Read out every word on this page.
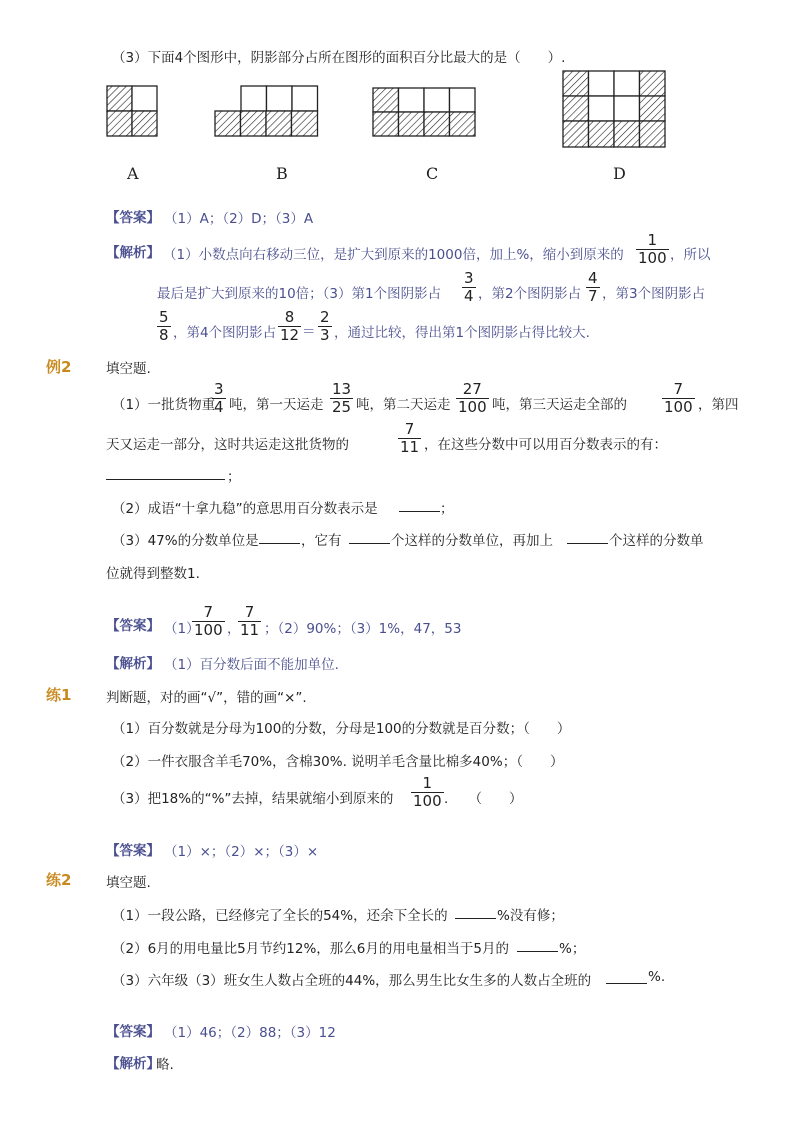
（3）下面4个图形中，阴影部分占所在图形的面积百分比最大的是（　　）.
A	B	C	D
【答案】 （1）A；（2）D；（3）A
【解析】 （1）小数点向右移动三位，是扩大到原来的1000倍，加上%，缩小到原来的 $\frac{1}{100}$ ，所以
最后是扩大到原来的10倍；（3）第1个图阴影占 $\frac{3}{4}$ ，第2个图阴影占 $\frac{4}{7}$ ，第3个图阴影占
$\frac{5}{8}$ ，第4个图阴影占 $\frac{8}{12} = \frac{2}{3}$ ，通过比较，得出第1个图阴影占得比较大.
例2	填空题.
（1）一批货物重
$\frac{3}{4}$ 吨，第一天运走 $\frac{13}{25}$ 吨，第二天运走 $\frac{27}{100}$ 吨，第三天运走全部的 $\frac{7}{100}$ ，第四
天又运走一部分，这时共运走这批货物的	$\frac{7}{11}$ ，在这些分数中可以用百分数表示的有：
；
（2）成语“十拿九稳”的意思用百分数表示是	；
（3）47%的分数单位是	，它有	个这样的分数单位，再加上	个这样的分数单
位就得到整数1.
【答案】 （1）
$\frac{7}{100}$ ，
$\frac{7}{11}$ ；（2）90%；（3）1%，47，53
【解析】 （1）百分数后面不能加单位.
练1	判断题，对的画“√”，错的画“×”.
（1）百分数就是分母为100的分数，分母是100的分数就是百分数；（　　）
（2）一件衣服含羊毛70%，含棉30%. 说明羊毛含量比棉多40%；（　　）
（3）把18%的“%”去掉，结果就缩小到原来的 $\frac{1}{100}$ .　　（　　）
【答案】 （1）×；（2）×；（3）×
练2	填空题.
（1）一段公路，已经修完了全长的54%，还余下全长的	%没有修；
（2）6月的用电量比5月节约12%，那么6月的用电量相当于5月的	%；
（3）六年级（3）班女生人数占全班的44%，那么男生比女生多的人数占全班的	%.
【答案】 （1）46；（2）88；（3）12
【解析】
略.
